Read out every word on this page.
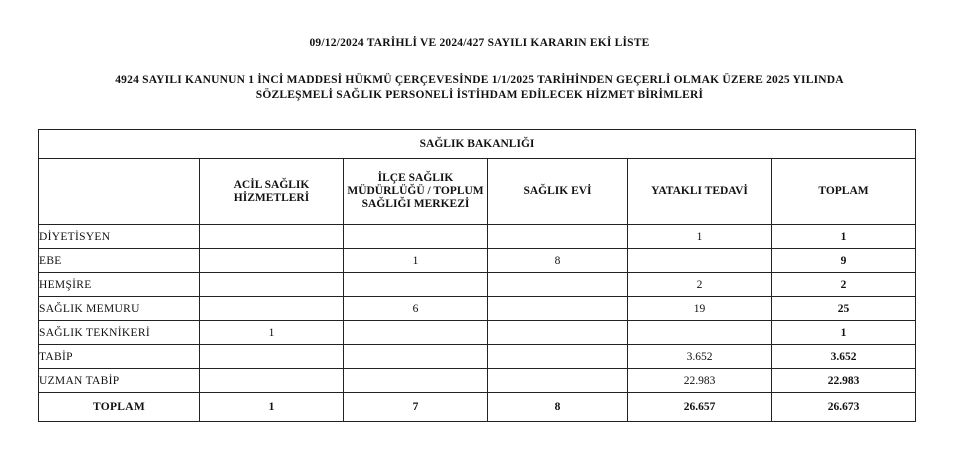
09/12/2024 TARİHLİ VE 2024/427 SAYILI KARARIN EKİ LİSTE
4924 SAYILI KANUNUN 1 İNCİ MADDESİ HÜKMÜ ÇERÇEVESİNDE 1/1/2025 TARİHİNDEN GEÇERLİ OLMAK ÜZERE 2025 YILINDA
SÖZLEŞMELİ SAĞLIK PERSONELİ İSTİHDAM EDİLECEK HİZMET BİRİMLERİ
SAĞLIK BAKANLIĞI					
	ACİL SAĞLIK HİZMETLERİ	İLÇE SAĞLIK MÜDÜRLÜĞÜ / TOPLUM SAĞLIĞI MERKEZİ	SAĞLIK EVİ	YATAKLI TEDAVİ	TOPLAM
DİYETİSYEN				1	1
EBE		1	8		9
HEMŞİRE				2	2
SAĞLIK MEMURU		6		19	25
SAĞLIK TEKNİKERİ	1				1
TABİP				3.652	3.652
UZMAN TABİP				22.983	22.983
TOPLAM	1	7	8	26.657	26.673
